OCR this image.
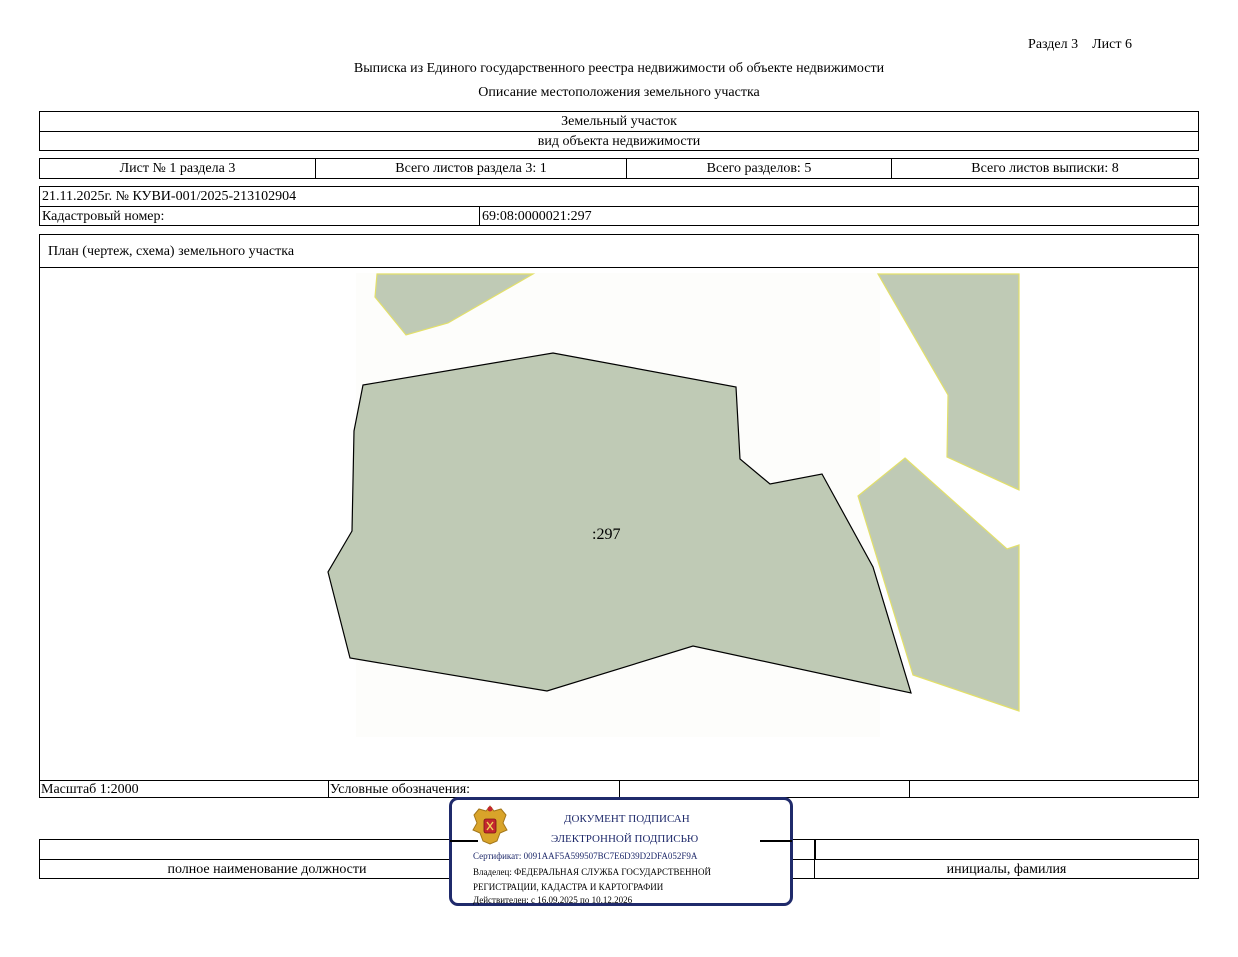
Раздел 3    Лист 6
Выписка из Единого государственного реестра недвижимости об объекте недвижимости
Описание местоположения земельного участка
Земельный участок
вид объекта недвижимости
Лист № 1 раздела 3	Всего листов раздела 3: 1	Всего разделов: 5	Всего листов выписки: 8
21.11.2025г. № КУВИ-001/2025-213102904
Кадастровый номер:	69:08:0000021:297
План (чертеж, схема) земельного участка
:297
Масштаб 1:2000	Условные обозначения:
полное наименование должности	инициалы, фамилия
ДОКУМЕНТ ПОДПИСАН
ЭЛЕКТРОННОЙ ПОДПИСЬЮ
Сертификат: 0091AAF5A599507BC7E6D39D2DFA052F9A
Владелец: ФЕДЕРАЛЬНАЯ СЛУЖБА ГОСУДАРСТВЕННОЙ
РЕГИСТРАЦИИ, КАДАСТРА И КАРТОГРАФИИ
Действителен: с 16.09.2025 по 10.12.2026
